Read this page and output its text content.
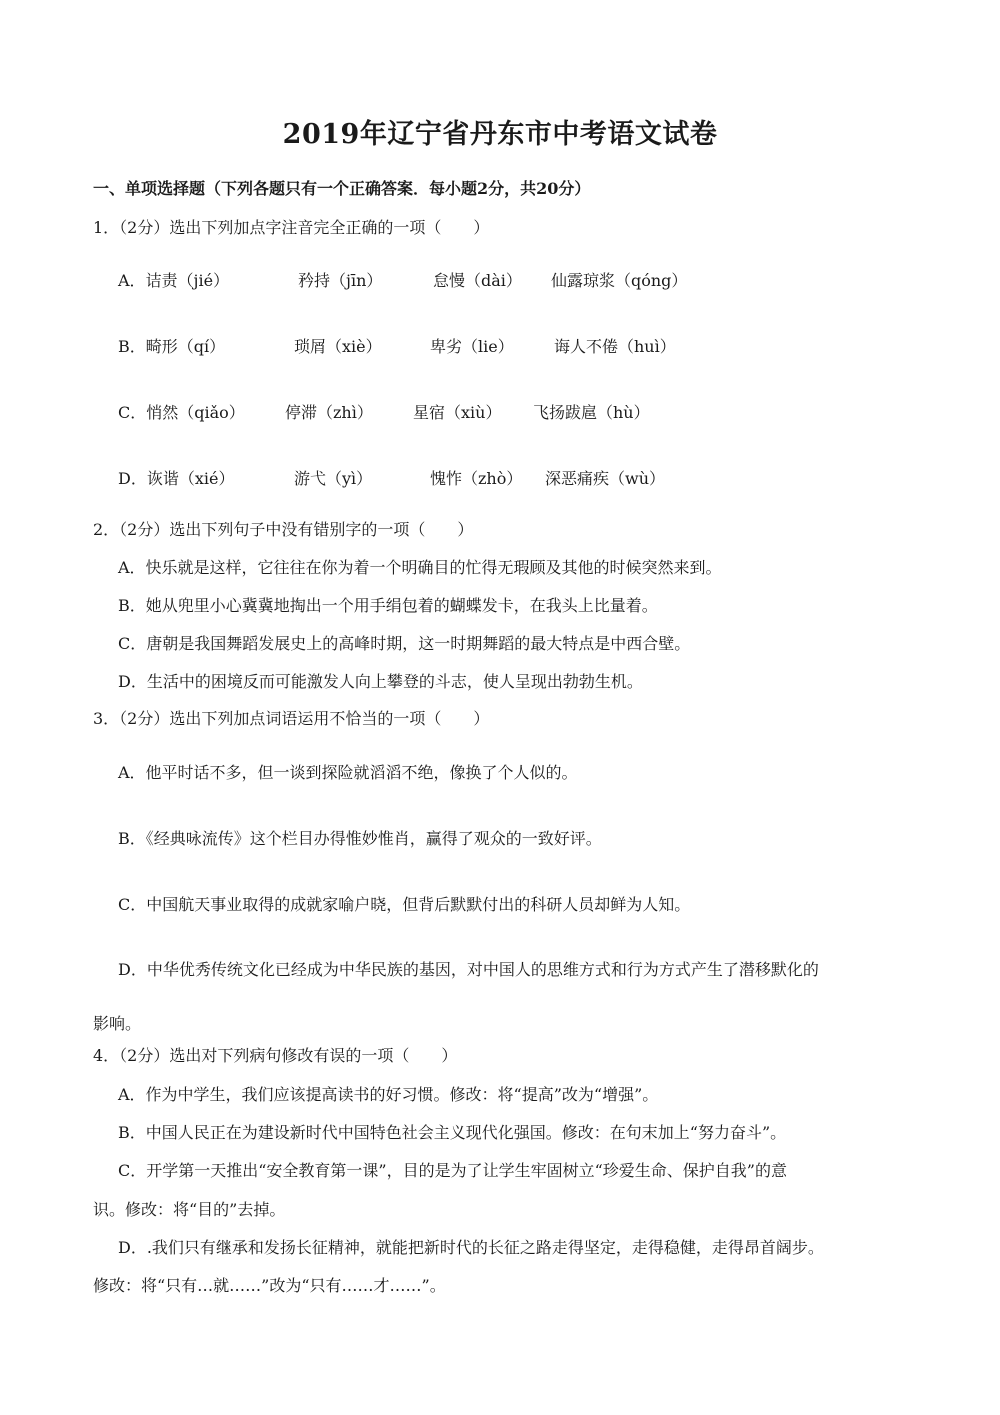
2019年辽宁省丹东市中考语文试卷
一、单项选择题（下列各题只有一个正确答案．每小题2分，共20分）
1．（2分）选出下列加点字注音完全正确的一项（　　）
A．诘责（jié）	矜持（jīn）	怠慢（dài） 仙露琼浆（qóng）
B．畸形（qí）	琐屑（xiè）	卑劣（lie）	诲人不倦（huì）
C．悄然（qiǎo）	停滞（zhì）	星宿（xiù） 飞扬跋扈（hù）
D．诙谐（xié）	游弋（yì）	愧怍（zhò） 深恶痛疾（wù）
2．（2分）选出下列句子中没有错别字的一项（　　）
A．快乐就是这样，它往往在你为着一个明确目的忙得无瑕顾及其他的时候突然来到。
B．她从兜里小心冀冀地掏出一个用手绢包着的蝴蝶发卡，在我头上比量着。
C．唐朝是我国舞蹈发展史上的高峰时期，这一时期舞蹈的最大特点是中西合壁。
D．生活中的困境反而可能激发人向上攀登的斗志，使人呈现出勃勃生机。
3．（2分）选出下列加点词语运用不恰当的一项（　　）
A．他平时话不多，但一谈到探险就滔滔不绝，像换了个人似的。
B．《经典咏流传》这个栏目办得惟妙惟肖，赢得了观众的一致好评。
C．中国航天事业取得的成就家喻户晓，但背后默默付出的科研人员却鲜为人知。
D．中华优秀传统文化已经成为中华民族的基因，对中国人的思维方式和行为方式产生了潜移默化的
影响。
4．（2分）选出对下列病句修改有误的一项（　　）
A．作为中学生，我们应该提高读书的好习惯。修改：将“提高”改为“增强”。
B．中国人民正在为建设新时代中国特色社会主义现代化强国。修改：在句末加上“努力奋斗”。
C．开学第一天推出“安全教育第一课”，目的是为了让学生牢固树立“珍爱生命、保护自我”的意
识。修改：将“目的”去掉。
D．.我们只有继承和发扬长征精神，就能把新时代的长征之路走得坚定，走得稳健，走得昂首阔步。
修改：将“只有…就……”改为“只有……才……”。
